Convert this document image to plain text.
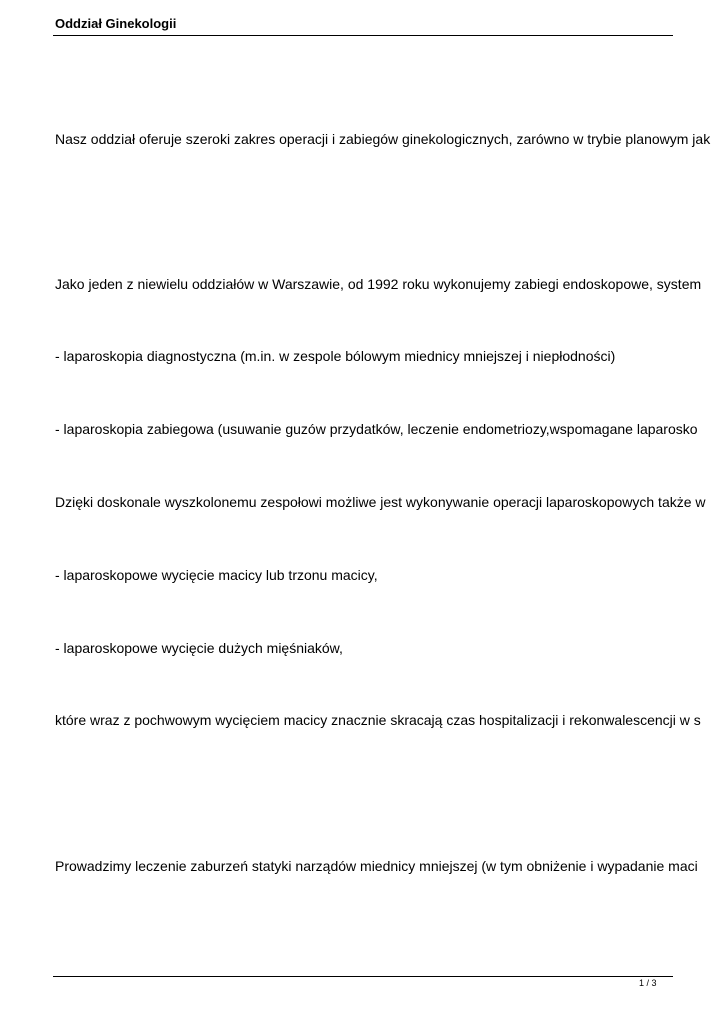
Oddział Ginekologii
Nasz oddział oferuje szeroki zakres operacji i zabiegów ginekologicznych, zarówno w trybie planowym jak
Jako jeden z niewielu oddziałów w Warszawie, od 1992 roku wykonujemy zabiegi endoskopowe, system
- laparoskopia diagnostyczna (m.in. w zespole bólowym miednicy mniejszej i niepłodności)
- laparoskopia zabiegowa (usuwanie guzów przydatków, leczenie endometriozy,wspomagane laparosko
Dzięki doskonale wyszkolonemu zespołowi możliwe jest wykonywanie operacji laparoskopowych także w
- laparoskopowe wycięcie macicy lub trzonu macicy,
- laparoskopowe wycięcie dużych mięśniaków,
które wraz z pochwowym wycięciem macicy znacznie skracają czas hospitalizacji i rekonwalescencji w s
Prowadzimy leczenie zaburzeń statyki narządów miednicy mniejszej (w tym obniżenie i wypadanie maci
1 / 3
